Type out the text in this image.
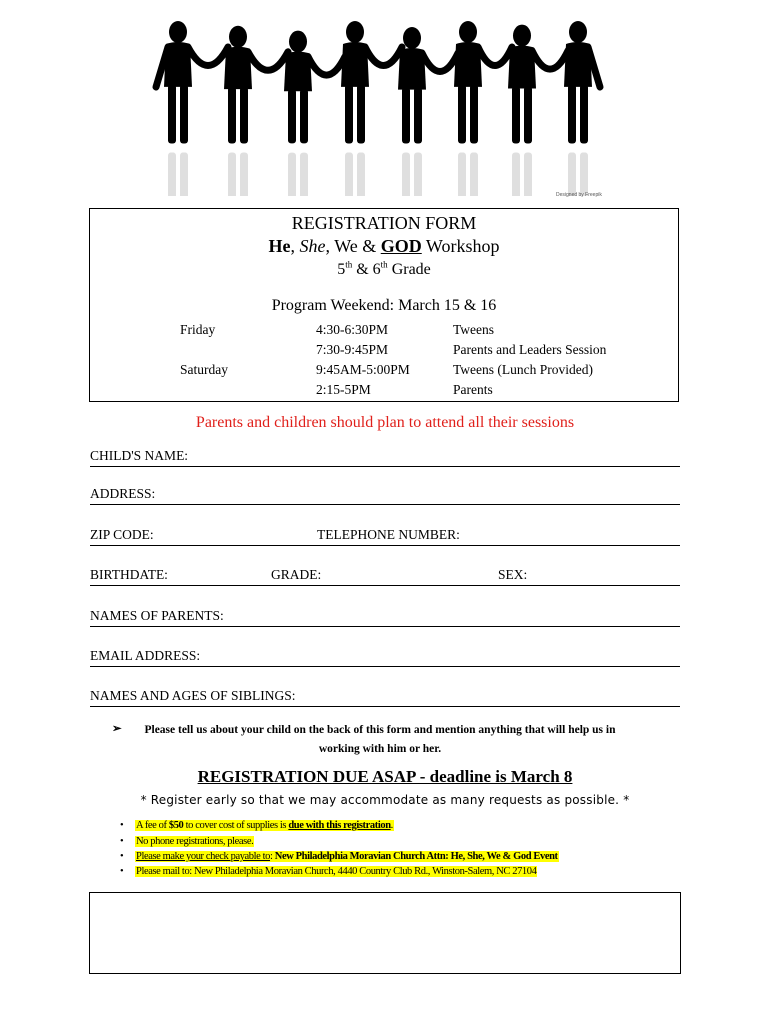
Designed by Freepik
REGISTRATION FORM
He, She, We & GOD Workshop
5th & 6th Grade
Program Weekend: March 15 & 16
Friday	4:30-6:30PM	Tweens
7:30-9:45PM	Parents and Leaders Session
Saturday	9:45AM-5:00PM	Tweens (Lunch Provided)
2:15-5PM	Parents
Parents and children should plan to attend all their sessions
CHILD'S NAME:
ADDRESS:
ZIP CODE:	TELEPHONE NUMBER:
BIRTHDATE:	GRADE:	SEX:
NAMES OF PARENTS:
EMAIL ADDRESS:
NAMES AND AGES OF SIBLINGS:
➢	Please tell us about your child on the back of this form and mention anything that will help us in
working with him or her.
REGISTRATION DUE ASAP - deadline is March 8
* Register early so that we may accommodate as many requests as possible. *
• A fee of $50 to cover cost of supplies is due with this registration.
• No phone registrations, please.
• Please make your check payable to: New Philadelphia Moravian Church Attn: He, She, We & God Event
• Please mail to: New Philadelphia Moravian Church, 4440 Country Club Rd., Winston-Salem, NC 27104
